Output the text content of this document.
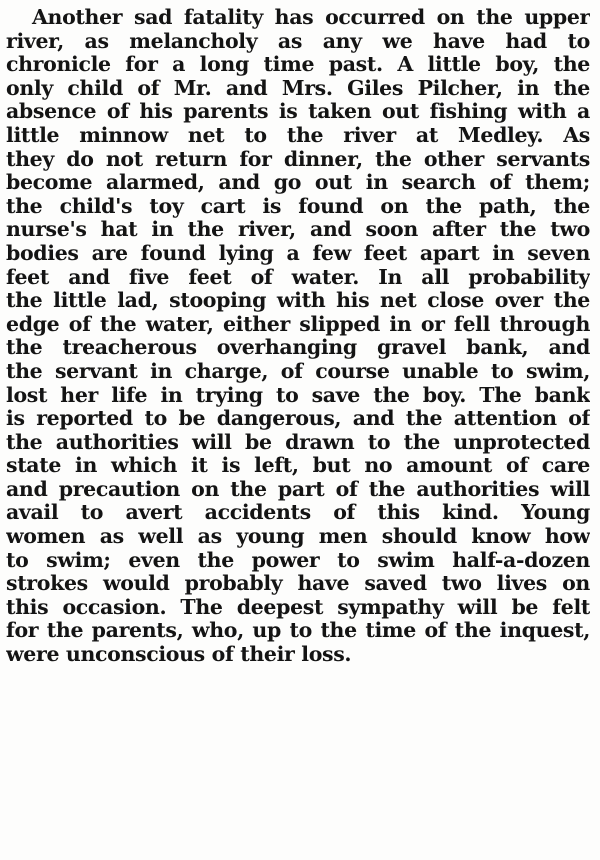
Another sad fatality has occurred on the upper
river, as melancholy as any we have had to
chronicle for a long time past. A little boy, the
only child of Mr. and Mrs. Giles Pilcher, in the
absence of his parents is taken out fishing with a
little minnow net to the river at Medley. As
they do not return for dinner, the other servants
become alarmed, and go out in search of them;
the child's toy cart is found on the path, the
nurse's hat in the river, and soon after the two
bodies are found lying a few feet apart in seven
feet and five feet of water. In all probability
the little lad, stooping with his net close over the
edge of the water, either slipped in or fell through
the treacherous overhanging gravel bank, and
the servant in charge, of course unable to swim,
lost her life in trying to save the boy. The bank
is reported to be dangerous, and the attention of
the authorities will be drawn to the unprotected
state in which it is left, but no amount of care
and precaution on the part of the authorities will
avail to avert accidents of this kind. Young
women as well as young men should know how
to swim; even the power to swim half-a-dozen
strokes would probably have saved two lives on
this occasion. The deepest sympathy will be felt
for the parents, who, up to the time of the inquest,
were unconscious of their loss.
